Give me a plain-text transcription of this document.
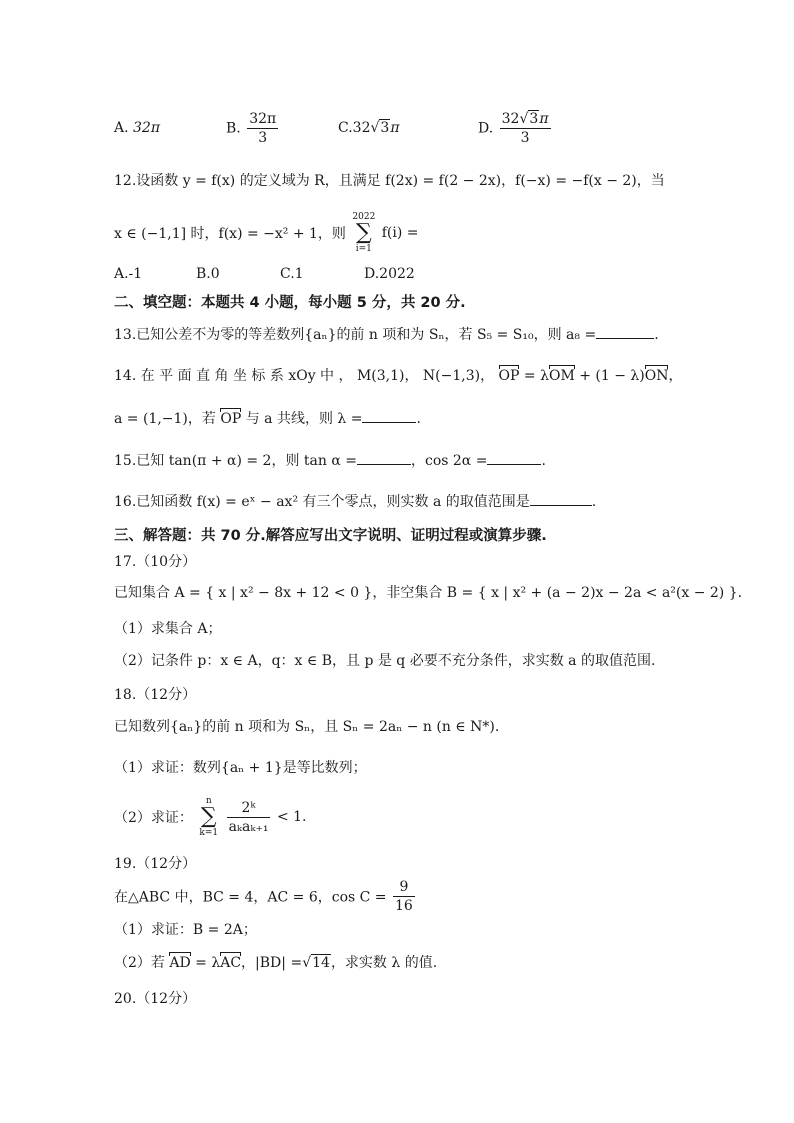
A. 32π	B. $\frac{32\pi}{3}$	C.32√3π	D. $\frac{32√3\pi}{3}$
12.设函数 y = f(x) 的定义域为 R，且满足 f(2x) = f(2 − 2x)，f(−x) = −f(x − 2)，当
x ∈ (−1,1] 时，f(x) = −x² + 1，则 2022
∑
i=1 f(i) =
A.-1	B.0	C.1	D.2022
二、填空题：本题共 4 小题，每小题 5 分，共 20 分.
13.已知公差不为零的等差数列{aₙ}的前 n 项和为 Sₙ，若 S₅ = S₁₀，则 a₈ =	.
14. 在 平 面 直 角 坐 标 系 xOy 中 ， M(3,1)， N(−1,3)， OP = λOM + (1 − λ)ON，
a = (1,−1)，若 OP 与 a 共线，则 λ =	.
15.已知 tan(π + α) = 2，则 tan α =	，cos 2α =	.
16.已知函数 f(x) = eˣ − ax² 有三个零点，则实数 a 的取值范围是	.
三、解答题：共 70 分.解答应写出文字说明、证明过程或演算步骤.
17.（10分）
已知集合 A = { x | x² − 8x + 12 < 0 }，非空集合 B = { x | x² + (a − 2)x − 2a < a²(x − 2) }.
（1）求集合 A；
（2）记条件 p：x ∈ A，q：x ∈ B，且 p 是 q 必要不充分条件，求实数 a 的取值范围.
18.（12分）
已知数列{aₙ}的前 n 项和为 Sₙ，且 Sₙ = 2aₙ − n (n ∈ N*).
（1）求证：数列{aₙ + 1}是等比数列；
（2）求证： n
∑
$k=1 \frac{\text{2ᵏ}}{\text{aₖaₖ₊₁}} < 1$.
19.（12分）
在△ABC 中，BC = 4，AC = 6，$\cos C = \frac{9}{16}$
（1）求证：B = 2A；
（2）若 AD = λAC，|BD| =√14，求实数 λ 的值.
20.（12分）
